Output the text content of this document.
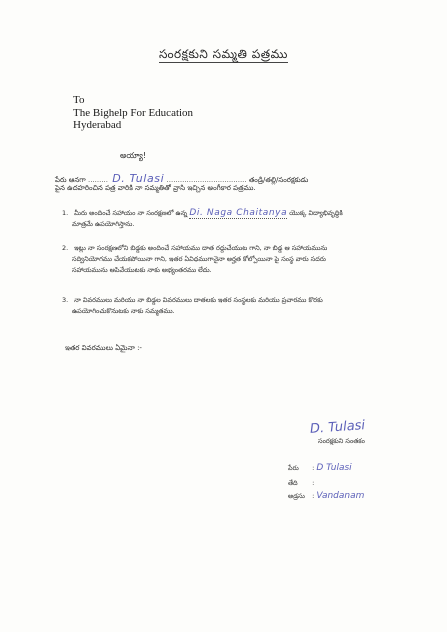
సంరక్షకుని సమ్మతి పత్రము
To
The Bighelp For Education
Hyderabad
అయ్యా!
పేరు ఆనగా ......... D. Tulasi .................................... తండ్రి/తల్లి/సంరక్షకుడు
పైన ఉదహరించిన పత్ర వారికి నా సమ్మతితో వ్రాసి ఇచ్చిన అంగీకార పత్రము.
1. మీరు అందించే సహాయం నా సంరక్షణలో ఉన్న Di. Naga Chaitanya యొక్క విద్యాభివృద్ధికి
మాత్రమే ఉపయోగిస్తాను.
2. ఇట్లు నా సంరక్షణలోని బిడ్డకు అందించే సహాయము దాత రద్దుచేయుట గాని, నా బిడ్డ ఆ సహాయమును
సద్వినియోగము చేయకపోయినా గాని, ఇతర ఏవిధముగానైనా అర్హత కోల్పోయినా పై సంస్థ వారు సదరు
సహాయమును ఆపివేయుటకు నాకు అభ్యంతరము లేదు.
3. నా వివరములు మరియు నా బిడ్డల వివరములు దాతలకు ఇతర సంస్థలకు మరియు ప్రచారము కొరకు
ఉపయోగించుకొనుటకు నాకు సమ్మతము.
ఇతర వివరములు ఏమైనా :-
D. Tulasi
సంరక్షకుని సంతకం
పేరు : D Tulasi
తేది :
అడ్రసు : Vandanam
